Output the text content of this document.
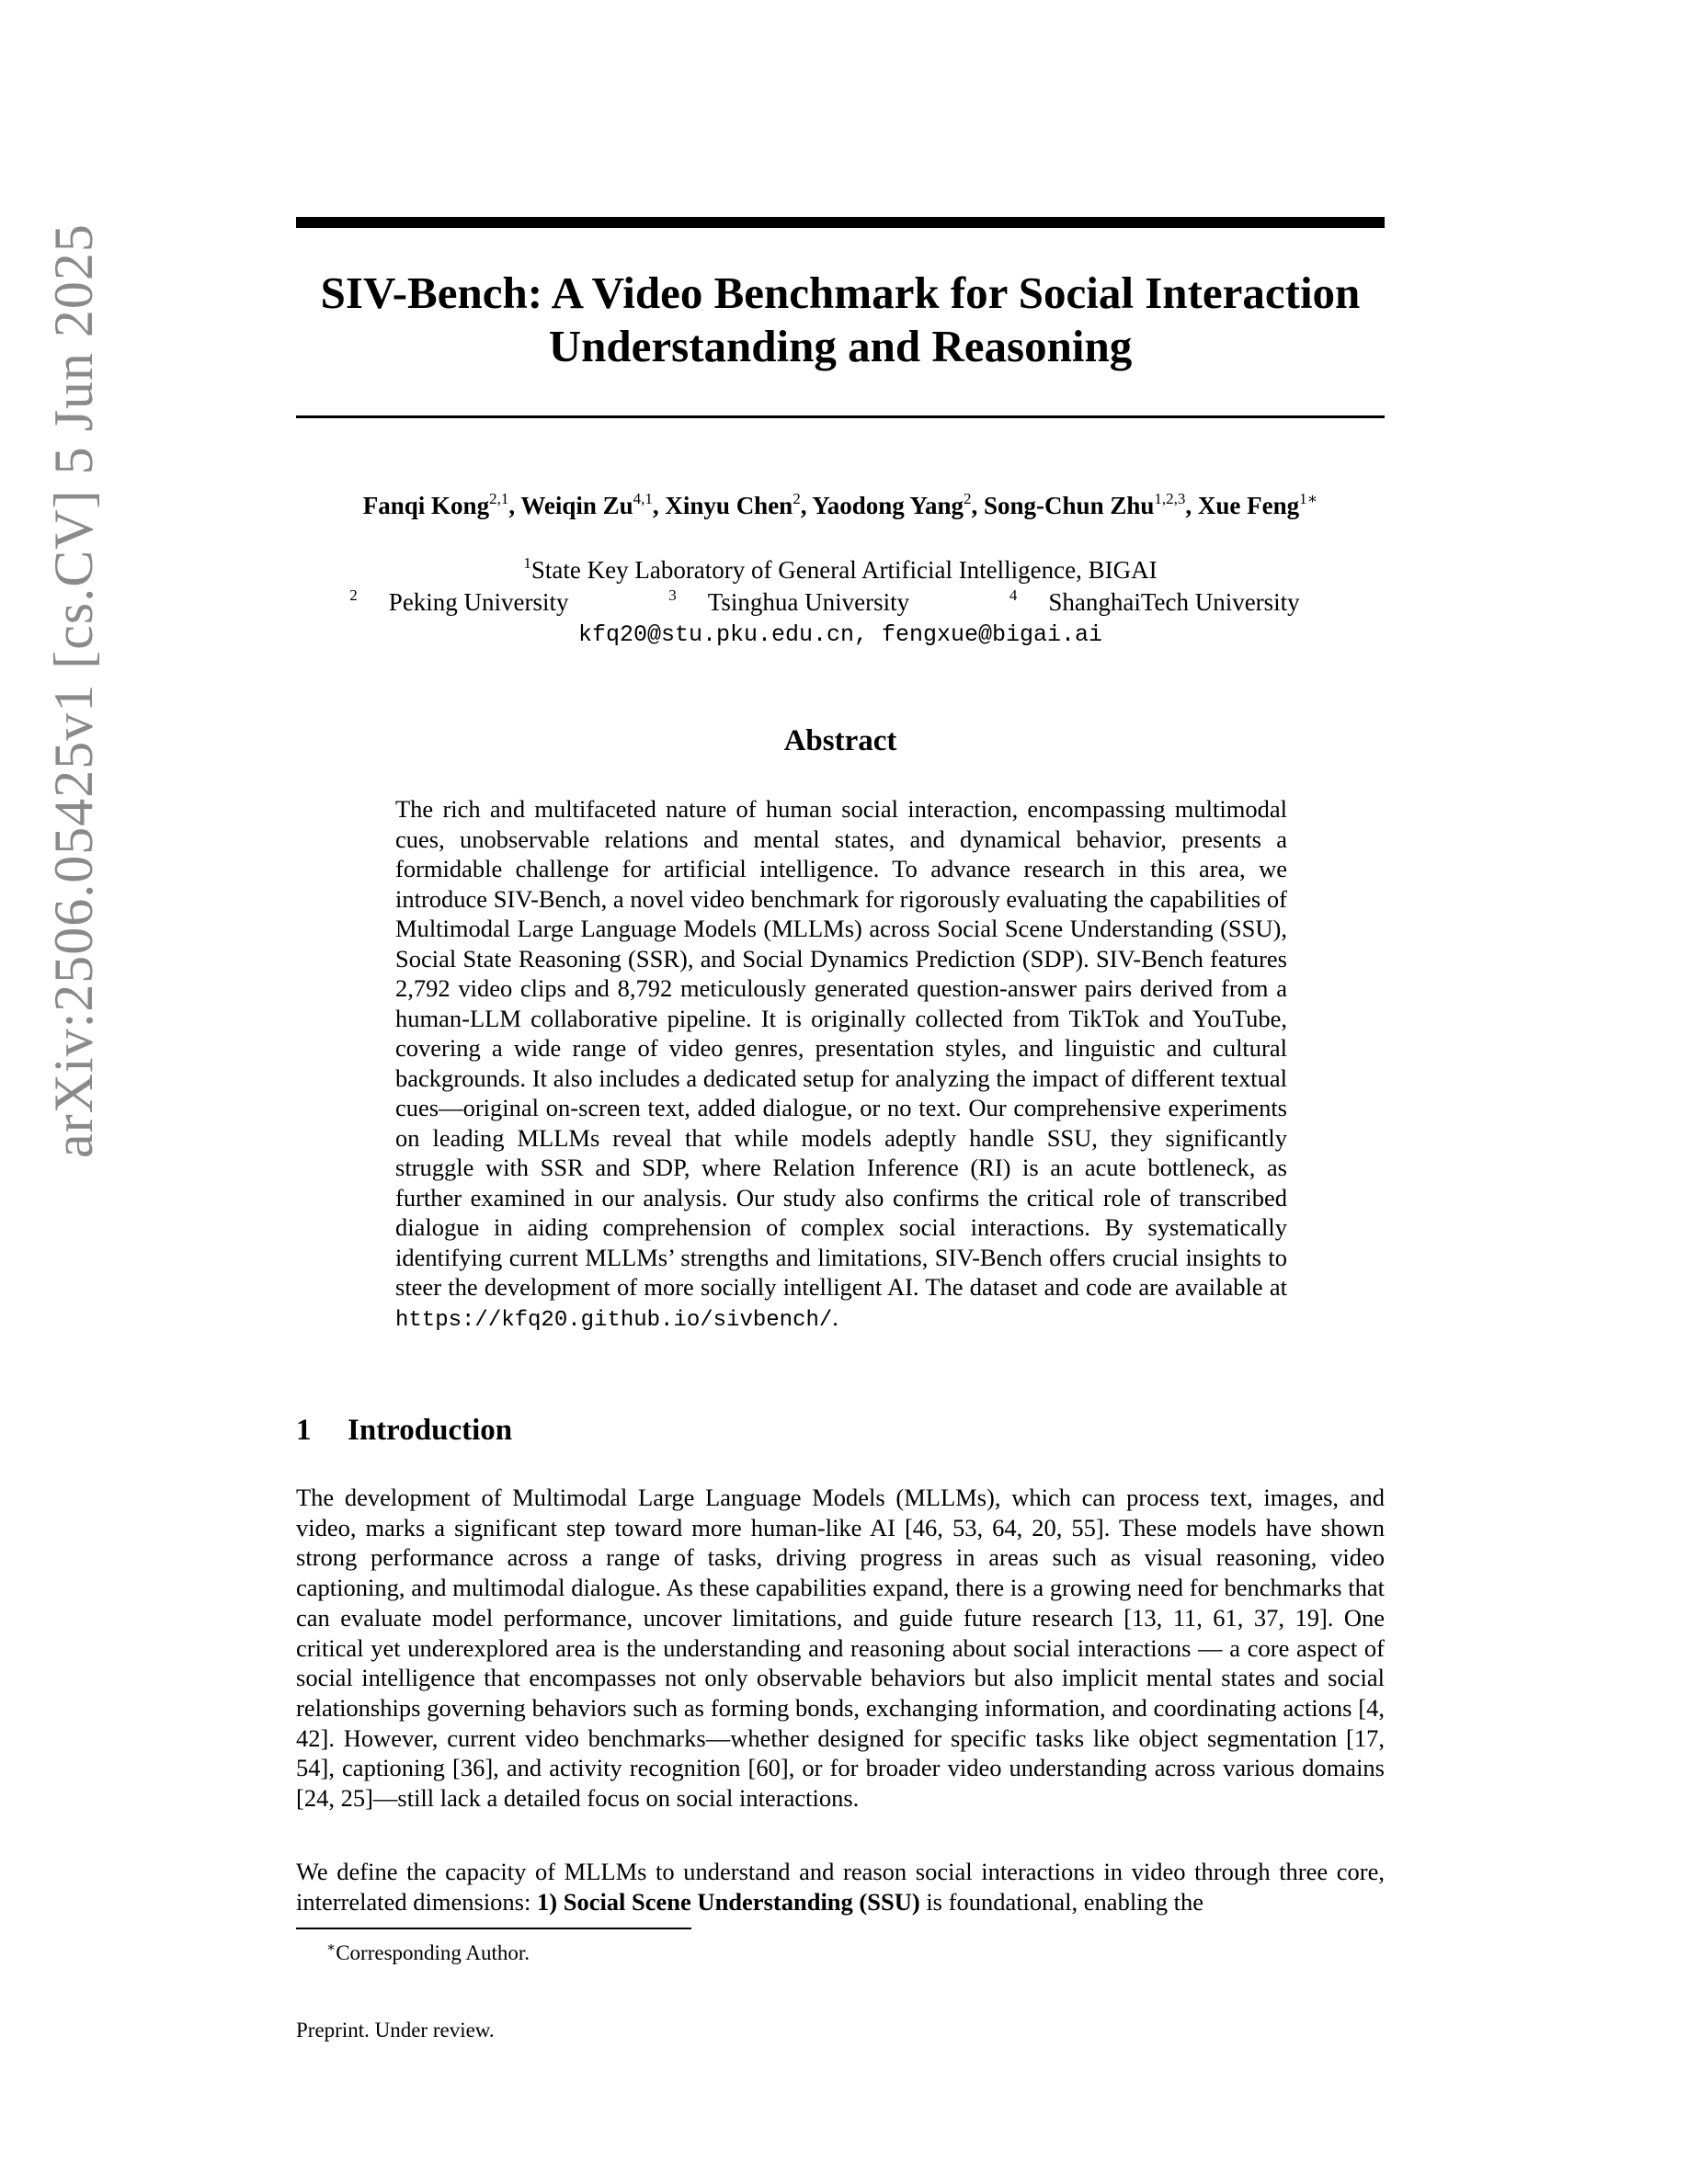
arXiv:2506.05425v1 [cs.CV] 5 Jun 2025	SIV-Bench: A Video Benchmark for Social Interaction
Understanding and Reasoning
Fanqi Kong$^{2,1}$, Weiqin Zu$^{4,1}$, Xinyu Chen$^2$, Yaodong Yang$^2$, Song-Chun Zhu$^{1,2,3}$, Xue Feng$^{1∗}$
$^1$State Key Laboratory of General Artificial Intelligence, BIGAI
$^2$ Peking University	$^3$ Tsinghua University	$^4$ ShanghaiTech University
kfq20@stu.pku.edu.cn, fengxue@bigai.ai
Abstract
The rich and multifaceted nature of human social interaction, encompassing multimodal cues, unobservable relations and mental states, and dynamical behavior, presents a formidable challenge for artificial intelligence. To advance research in this area, we introduce SIV-Bench, a novel video benchmark for rigorously evaluating the capabilities of Multimodal Large Language Models (MLLMs) across Social Scene Understanding (SSU), Social State Reasoning (SSR), and Social Dynamics Prediction (SDP). SIV-Bench features 2,792 video clips and 8,792 meticulously generated question-answer pairs derived from a human-LLM collaborative pipeline. It is originally collected from TikTok and YouTube, covering a wide range of video genres, presentation styles, and linguistic and cultural backgrounds. It also includes a dedicated setup for analyzing the impact of different textual cues—original on-screen text, added dialogue, or no text. Our comprehensive experiments on leading MLLMs reveal that while models adeptly handle SSU, they significantly struggle with SSR and SDP, where Relation Inference (RI) is an acute bottleneck, as further examined in our analysis. Our study also confirms the critical role of transcribed dialogue in aiding comprehension of complex social interactions. By systematically identifying current MLLMs’ strengths and limitations, SIV-Bench offers crucial insights to steer the development of more socially intelligent AI. The dataset and code are available at https://kfq20.github.io/sivbench/.
1 Introduction
The development of Multimodal Large Language Models (MLLMs), which can process text, images, and video, marks a significant step toward more human-like AI [46, 53, 64, 20, 55]. These models have shown strong performance across a range of tasks, driving progress in areas such as visual reasoning, video captioning, and multimodal dialogue. As these capabilities expand, there is a growing need for benchmarks that can evaluate model performance, uncover limitations, and guide future research [13, 11, 61, 37, 19]. One critical yet underexplored area is the understanding and reasoning about social interactions — a core aspect of social intelligence that encompasses not only observable behaviors but also implicit mental states and social relationships governing behaviors such as forming bonds, exchanging information, and coordinating actions [4, 42]. However, current video benchmarks—whether designed for specific tasks like object segmentation [17, 54], captioning [36], and activity recognition [60], or for broader video understanding across various domains [24, 25]—still lack a detailed focus on social interactions.
We define the capacity of MLLMs to understand and reason social interactions in video through three core, interrelated dimensions: 1) Social Scene Understanding (SSU) is foundational, enabling the
∗Corresponding Author.
Preprint. Under review.
